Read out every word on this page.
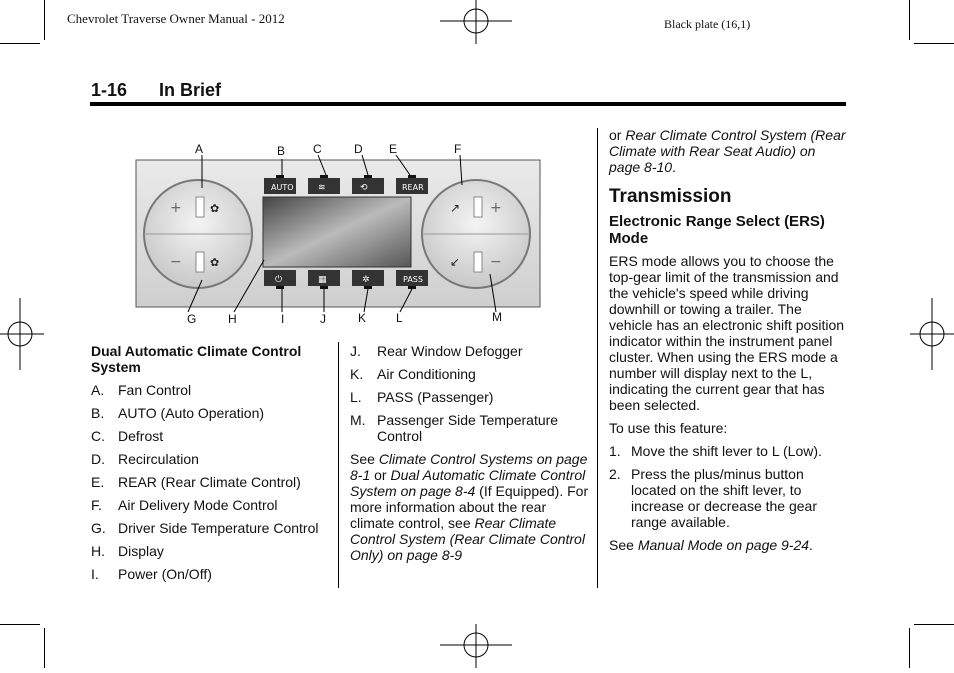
Chevrolet Traverse Owner Manual - 2012	Black plate (16,1)
1-16 In Brief
+
−
✿
✿
+
−
↗
↙
AUTO	REAR
≋	⟲
⏻	▦	✲	PASS
A	B C	D E	F
G	H	I	J	K L	M
Dual Automatic Climate Control System
A. Fan Control
B. AUTO (Auto Operation)
C. Defrost
D. Recirculation
E. REAR (Rear Climate Control)
F.	Air Delivery Mode Control
G. Driver Side Temperature Control
H. Display
I.	Power (On/Off)
J.	Rear Window Defogger
K. Air Conditioning
L.	PASS (Passenger)
M. Passenger Side Temperature Control
See Climate Control Systems on page 8-1 or Dual Automatic Climate Control System on page 8-4 (If Equipped). For more information about the rear climate control, see Rear Climate Control System (Rear Climate Control Only) on page 8-9
or Rear Climate Control System (Rear Climate with Rear Seat Audio) on page 8-10.
Transmission
Electronic Range Select (ERS) Mode
ERS mode allows you to choose the top-gear limit of the transmission and the vehicle's speed while driving downhill or towing a trailer. The vehicle has an electronic shift position indicator within the instrument panel cluster. When using the ERS mode a number will display next to the L, indicating the current gear that has been selected.
To use this feature:
1. Move the shift lever to L (Low).
2. Press the plus/minus button located on the shift lever, to increase or decrease the gear range available.
See Manual Mode on page 9-24.
